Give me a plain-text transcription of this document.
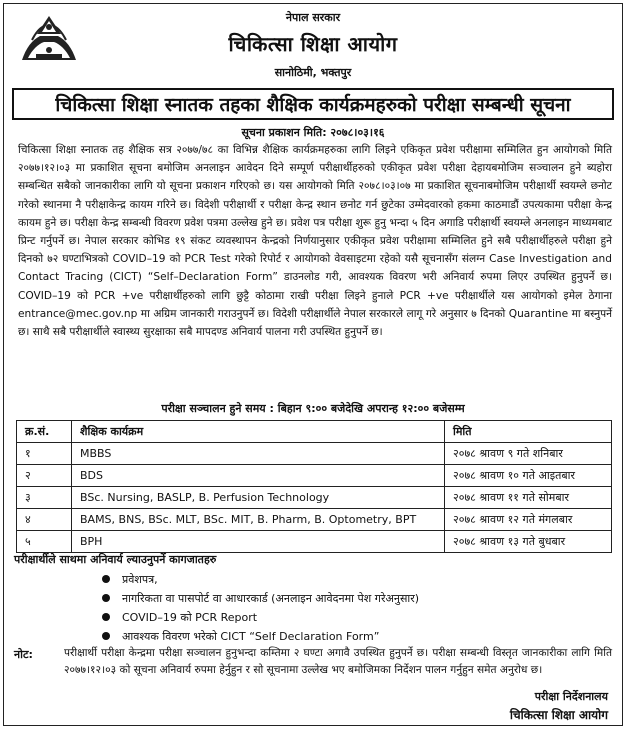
नेपाल सरकार
चिकित्सा शिक्षा आयोग
सानोठिमी, भक्तपुर
चिकित्सा शिक्षा स्नातक तहका शैक्षिक कार्यक्रमहरुको परीक्षा सम्बन्धी सूचना
सूचना प्रकाशन मिति: २०७८।०३।१६
चिकित्सा शिक्षा स्नातक तह शैक्षिक सत्र २०७७/७८ का विभिन्न शैक्षिक कार्यक्रमहरुका लागि लिइने एकिकृत प्रवेश परीक्षामा सम्मिलित हुन आयोगको मिति २०७७।१२।०३ मा प्रकाशित सूचना बमोजिम अनलाइन आवेदन दिने सम्पूर्ण परीक्षार्थीहरुको एकीकृत प्रवेश परीक्षा देहायबमोजिम सञ्चालन हुने ब्यहोरा सम्बन्धित सबैको जानकारीका लागि यो सूचना प्रकाशन गरिएको छ। यस आयोगको मिति २०७८।०३।०७ मा प्रकाशित सूचनाबमोजिम परीक्षार्थी स्वयम्ले छनोट गरेको स्थानमा नै परीक्षाकेन्द्र कायम गरिने छ। विदेशी परीक्षार्थी र परीक्षा केन्द्र स्थान छनोट गर्न छुटेका उम्मेदवारको हकमा काठमाडौं उपत्यकामा परीक्षा केन्द्र कायम हुने छ। परीक्षा केन्द्र सम्बन्धी विवरण प्रवेश पत्रमा उल्लेख हुने छ। प्रवेश पत्र परीक्षा शुरू हुनु भन्दा ५ दिन अगाडि परीक्षार्थी स्वयम्ले अनलाइन माध्यमबाट प्रिन्ट गर्नुपर्ने छ। नेपाल सरकार कोभिड १९ संकट व्यवस्थापन केन्द्रको निर्णयानुसार एकीकृत प्रवेश परीक्षामा सम्मिलित हुने सबै परीक्षार्थीहरुले परीक्षा हुने दिनको ७२ घण्टाभित्रको COVID–19 को PCR Test गरेको रिपोर्ट र आयोगको वेवसाइटमा रहेको यसै सूचनासँग संलग्न Case Investigation and Contact Tracing (CICT) “Self–Declaration Form” डाउनलोड गरी, आवश्यक विवरण भरी अनिवार्य रुपमा लिएर उपस्थित हुनुपर्ने छ। COVID–19 को PCR +ve परीक्षार्थीहरुको लागि छुट्टै कोठामा राखी परीक्षा लिइने हुनाले PCR +ve परीक्षार्थीले यस आयोगको इमेल ठेगाना entrance@mec.gov.np मा अग्रिम जानकारी गराउनुपर्ने छ। विदेशी परीक्षार्थीले नेपाल सरकारले लागू गरे अनुसार ७ दिनको Quarantine मा बस्नुपर्ने छ। साथै सबै परीक्षार्थीले स्वास्थ्य सुरक्षाका सबै मापदण्ड अनिवार्य पालना गरी उपस्थित हुनुपर्ने छ।
परीक्षा सञ्चालन हुने समय : बिहान ९:०० बजेदेखि अपरान्ह १२:०० बजेसम्म
क्र.सं.	शैक्षिक कार्यक्रम	मिति
१	MBBS	२०७८ श्रावण ९ गते शनिबार
२	BDS	२०७८ श्रावण १० गते आइतबार
३	BSc. Nursing, BASLP, B. Perfusion Technology	२०७८ श्रावण ११ गते सोमबार
४	BAMS, BNS, BSc. MLT, BSc. MIT, B. Pharm, B. Optometry, BPT	२०७८ श्रावण १२ गते मंगलबार
५	BPH	२०७८ श्रावण १३ गते बुधबार
परीक्षार्थीले साथमा अनिवार्य ल्याउनुपर्ने कागजातहरु
प्रवेशपत्र,
नागरिकता वा पासपोर्ट वा आधारकार्ड (अनलाइन आवेदनमा पेश गरेअनुसार)
COVID–19 को PCR Report
आवश्यक विवरण भरेको CICT “Self Declaration Form”
नोट:	परीक्षार्थी परीक्षा केन्द्रमा परीक्षा सञ्चालन हुनुभन्दा कम्तिमा २ घण्टा अगावै उपस्थित हुनुपर्ने छ। परीक्षा सम्बन्धी विस्तृत जानकारीका लागि मिति २०७७।१२।०३ को सूचना अनिवार्य रुपमा हेर्नुहुन र सो सूचनामा उल्लेख भए बमोजिमका निर्देशन पालन गर्नुहुन समेत अनुरोध छ।
परीक्षा निर्देशनालय
चिकित्सा शिक्षा आयोग
